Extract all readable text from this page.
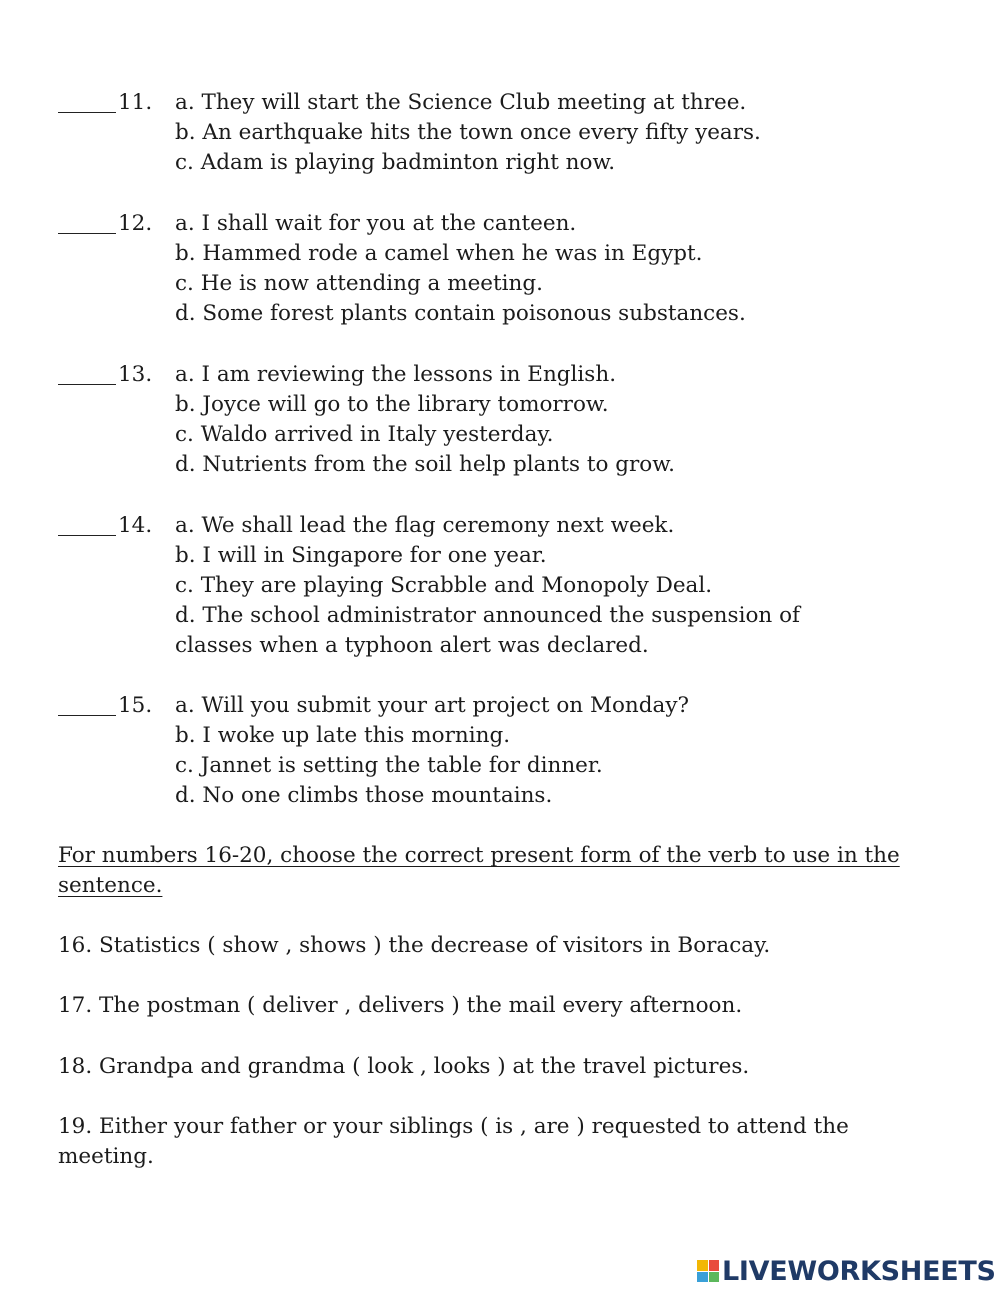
11. a. They will start the Science Club meeting at three.
b. An earthquake hits the town once every fifty years.
c. Adam is playing badminton right now.
12. a. I shall wait for you at the canteen.
b. Hammed rode a camel when he was in Egypt.
c. He is now attending a meeting.
d. Some forest plants contain poisonous substances.
13. a. I am reviewing the lessons in English.
b. Joyce will go to the library tomorrow.
c. Waldo arrived in Italy yesterday.
d. Nutrients from the soil help plants to grow.
14. a. We shall lead the flag ceremony next week.
b. I will in Singapore for one year.
c. They are playing Scrabble and Monopoly Deal.
d. The school administrator announced the suspension of
classes when a typhoon alert was declared.
15. a. Will you submit your art project on Monday?
b. I woke up late this morning.
c. Jannet is setting the table for dinner.
d. No one climbs those mountains.
For numbers 16-20, choose the correct present form of the verb to use in the sentence.
16. Statistics ( show , shows ) the decrease of visitors in Boracay.
17. The postman ( deliver , delivers ) the mail every afternoon.
18. Grandpa and grandma ( look , looks ) at the travel pictures.
19. Either your father or your siblings ( is , are ) requested to attend the meeting.
LIVEWORKSHEETS
